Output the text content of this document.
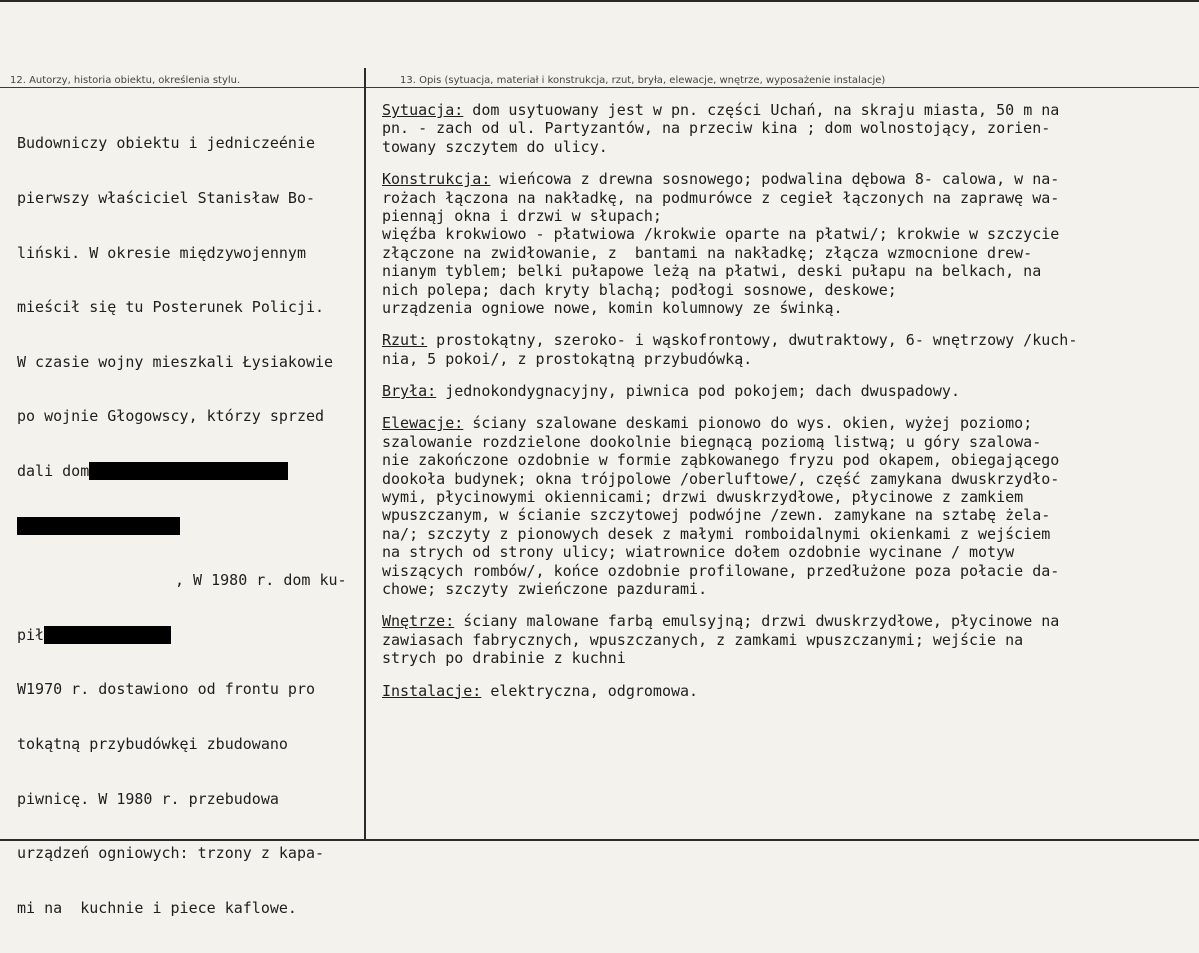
12. Autorzy, historia obiektu, określenia stylu.	13. Opis (sytuacja, materiał i konstrukcja, rzut, bryła, elewacje, wnętrze, wyposażenie instalacje)

Budowniczy obiektu i jedniczeénie

pierwszy właściciel Stanisław Bo-

liński. W okresie międzywojennym

mieścił się tu Posterunek Policji.

W czasie wojny mieszkali Łysiakowie

po wojnie Głogowscy, którzy sprzed

dali dom

, W 1980 r. dom ku-

pił

W1970 r. dostawiono od frontu pro

tokątną przybudówkęi zbudowano

piwnicę. W 1980 r. przebudowa

urządzeń ogniowych: trzony z kapa-

mi na  kuchnie i piece kaflowe.

Sytuacja: dom usytuowany jest w pn. części Uchań, na skraju miasta, 50 m na
pn. - zach od ul. Partyzantów, na przeciw kina ; dom wolnostojący, zorien-
towany szczytem do ulicy.
Konstrukcja: wieńcowa z drewna sosnowego; podwalina dębowa 8- calowa, w na-
rożach łączona na nakładkę, na podmurówce z cegieł łączonych na zaprawę wa-
piennąj okna i drzwi w słupach;
więźba krokwiowo - płatwiowa /krokwie oparte na płatwi/; krokwie w szczycie
złączone na zwidłowanie, z  bantami na nakładkę; złącza wzmocnione drew-
nianym tyblem; belki pułapowe leżą na płatwi, deski pułapu na belkach, na
nich polepa; dach kryty blachą; podłogi sosnowe, deskowe;
urządzenia ogniowe nowe, komin kolumnowy ze świnką.
Rzut: prostokątny, szeroko- i wąskofrontowy, dwutraktowy, 6- wnętrzowy /kuch-
nia, 5 pokoi/, z prostokątną przybudówką.
Bryła: jednokondygnacyjny, piwnica pod pokojem; dach dwuspadowy.
Elewacje: ściany szalowane deskami pionowo do wys. okien, wyżej poziomo;
szalowanie rozdzielone dookolnie biegnącą poziomą listwą; u góry szalowa-
nie zakończone ozdobnie w formie ząbkowanego fryzu pod okapem, obiegającego
dookoła budynek; okna trójpolowe /oberluftowe/, część zamykana dwuskrzydło-
wymi, płycinowymi okiennicami; drzwi dwuskrzydłowe, płycinowe z zamkiem
wpuszczanym, w ścianie szczytowej podwójne /zewn. zamykane na sztabę żela-
na/; szczyty z pionowych desek z małymi romboidalnymi okienkami z wejściem
na strych od strony ulicy; wiatrownice dołem ozdobnie wycinane / motyw
wiszących rombów/, końce ozdobnie profilowane, przedłużone poza połacie da-
chowe; szczyty zwieńczone pazdurami.
Wnętrze: ściany malowane farbą emulsyjną; drzwi dwuskrzydłowe, płycinowe na
zawiasach fabrycznych, wpuszczanych, z zamkami wpuszczanymi; wejście na
strych po drabinie z kuchni
Instalacje: elektryczna, odgromowa.
